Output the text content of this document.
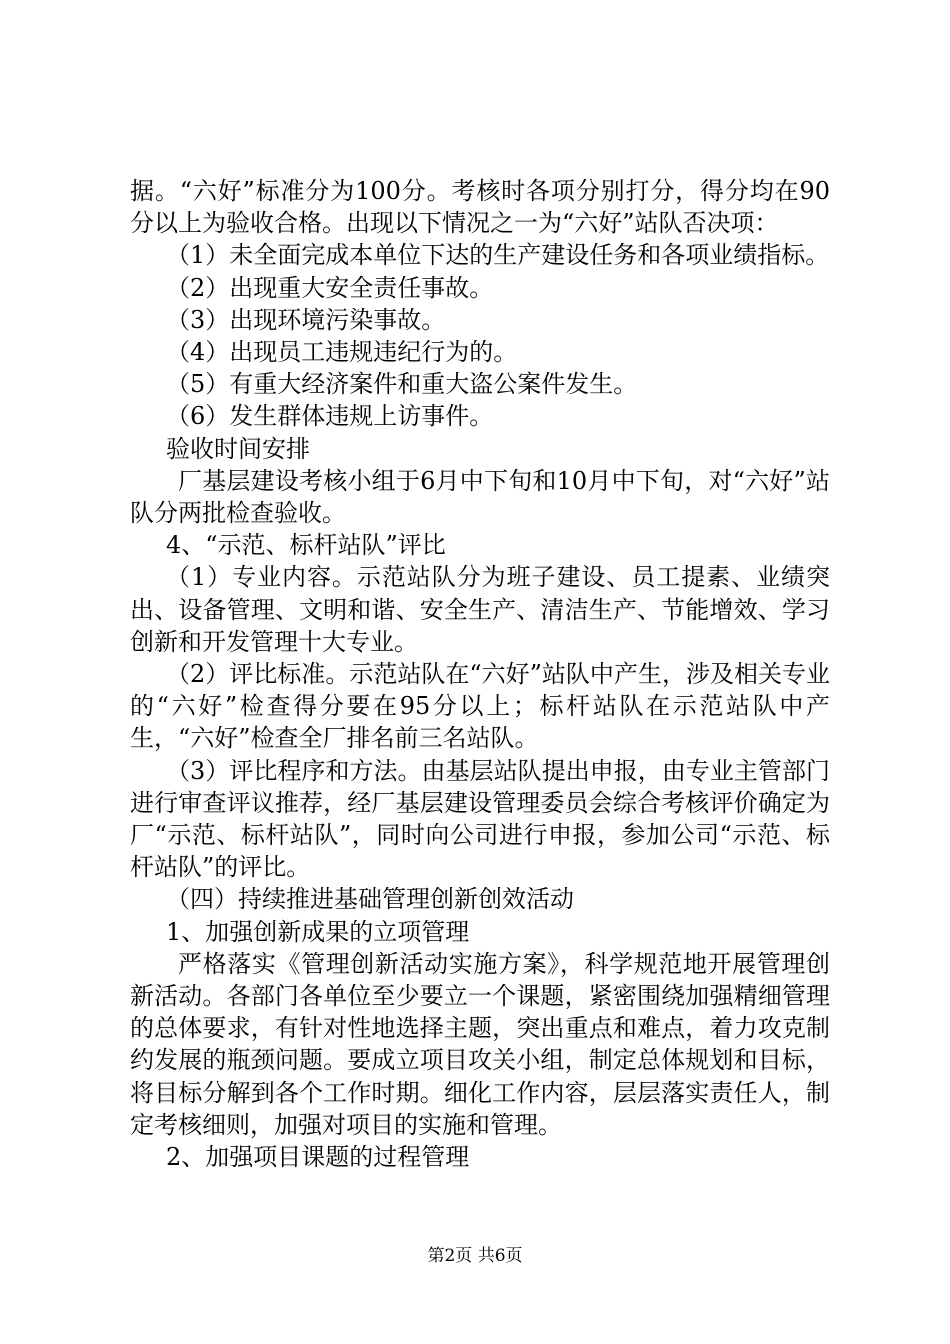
据。“六好”标准分为100分。考核时各项分别打分，得分均在90分以上为验收合格。出现以下情况之一为“六好”站队否决项：

（1）未全面完成本单位下达的生产建设任务和各项业绩指标。

（2）出现重大安全责任事故。

（3）出现环境污染事故。

（4）出现员工违规违纪行为的。

（5）有重大经济案件和重大盗公案件发生。

（6）发生群体违规上访事件。

验收时间安排

厂基层建设考核小组于6月中下旬和10月中下旬，对“六好”站队分两批检查验收。

4、“示范、标杆站队”评比

（1）专业内容。示范站队分为班子建设、员工提素、业绩突出、设备管理、文明和谐、安全生产、清洁生产、节能增效、学习创新和开发管理十大专业。

（2）评比标准。示范站队在“六好”站队中产生，涉及相关专业的“六好”检查得分要在95分以上；标杆站队在示范站队中产生，“六好”检查全厂排名前三名站队。

（3）评比程序和方法。由基层站队提出申报，由专业主管部门进行审查评议推荐，经厂基层建设管理委员会综合考核评价确定为厂“示范、标杆站队”，同时向公司进行申报，参加公司“示范、标杆站队”的评比。

（四）持续推进基础管理创新创效活动

1、加强创新成果的立项管理

严格落实《管理创新活动实施方案》，科学规范地开展管理创新活动。各部门各单位至少要立一个课题，紧密围绕加强精细管理的总体要求，有针对性地选择主题，突出重点和难点，着力攻克制约发展的瓶颈问题。要成立项目攻关小组，制定总体规划和目标，将目标分解到各个工作时期。细化工作内容，层层落实责任人，制定考核细则，加强对项目的实施和管理。

2、加强项目课题的过程管理

第2页 共6页
